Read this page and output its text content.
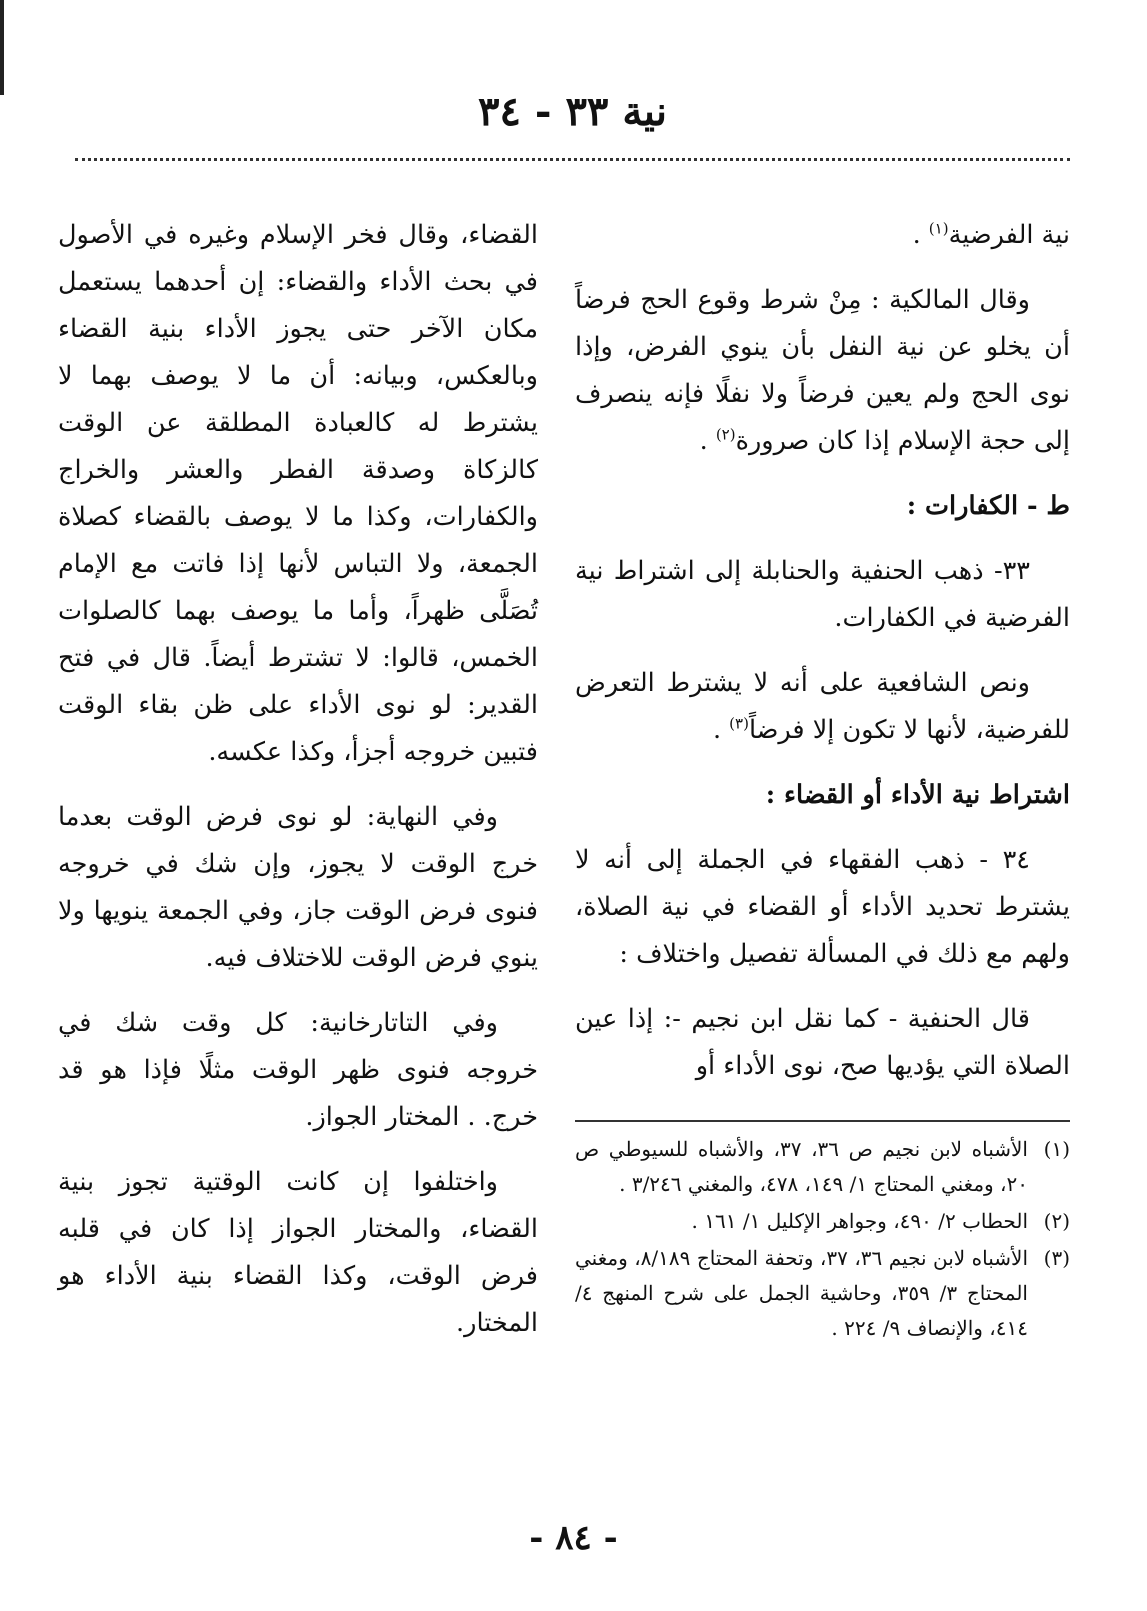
نية ٣٣ - ٣٤

نية الفرضية$^{(١)}$ .

وقال المالكية : مِنْ شرط وقوع الحج فرضاً أن يخلو عن نية النفل بأن ينوي الفرض، وإذا نوى الحج ولم يعين فرضاً ولا نفلًا فإنه ينصرف إلى حجة الإسلام إذا كان صرورة$^{(٢)}$ .

ط - الكفارات :

٣٣- ذهب الحنفية والحنابلة إلى اشتراط نية الفرضية في الكفارات.

ونص الشافعية على أنه لا يشترط التعرض للفرضية، لأنها لا تكون إلا فرضاً$^{(٣)}$ .

اشتراط نية الأداء أو القضاء :

٣٤ - ذهب الفقهاء في الجملة إلى أنه لا يشترط تحديد الأداء أو القضاء في نية الصلاة، ولهم مع ذلك في المسألة تفصيل واختلاف :

قال الحنفية - كما نقل ابن نجيم -: إذا عين الصلاة التي يؤديها صح، نوى الأداء أو

القضاء، وقال فخر الإسلام وغيره في الأصول في بحث الأداء والقضاء: إن أحدهما يستعمل مكان الآخر حتى يجوز الأداء بنية القضاء وبالعكس، وبيانه: أن ما لا يوصف بهما لا يشترط له كالعبادة المطلقة عن الوقت كالزكاة وصدقة الفطر والعشر والخراج والكفارات، وكذا ما لا يوصف بالقضاء كصلاة الجمعة، ولا التباس لأنها إذا فاتت مع الإمام تُصَلَّى ظهراً، وأما ما يوصف بهما كالصلوات الخمس، قالوا: لا تشترط أيضاً. قال في فتح القدير: لو نوى الأداء على ظن بقاء الوقت فتبين خروجه أجزأ، وكذا عكسه.

وفي النهاية: لو نوى فرض الوقت بعدما خرج الوقت لا يجوز، وإن شك في خروجه فنوى فرض الوقت جاز، وفي الجمعة ينويها ولا ينوي فرض الوقت للاختلاف فيه.

وفي التاتارخانية: كل وقت شك في خروجه فنوى ظهر الوقت مثلًا فإذا هو قد خرج. . المختار الجواز.

واختلفوا إن كانت الوقتية تجوز بنية القضاء، والمختار الجواز إذا كان في قلبه فرض الوقت، وكذا القضاء بنية الأداء هو المختار.

(١)
الأشباه لابن نجيم ص ٣٦، ٣٧، والأشباه للسيوطي ص ٢٠، ومغني المحتاج ١/ ١٤٩، ٤٧٨، والمغني ٣/٢٤٦ .
(٢)
الحطاب ٢/ ٤٩٠، وجواهر الإكليل ١/ ١٦١ .
(٣)
الأشباه لابن نجيم ٣٦، ٣٧، وتحفة المحتاج ٨/١٨٩، ومغني المحتاج ٣/ ٣٥٩، وحاشية الجمل على شرح المنهج ٤/ ٤١٤، والإنصاف ٩/ ٢٢٤ .
- ٨٤ -
